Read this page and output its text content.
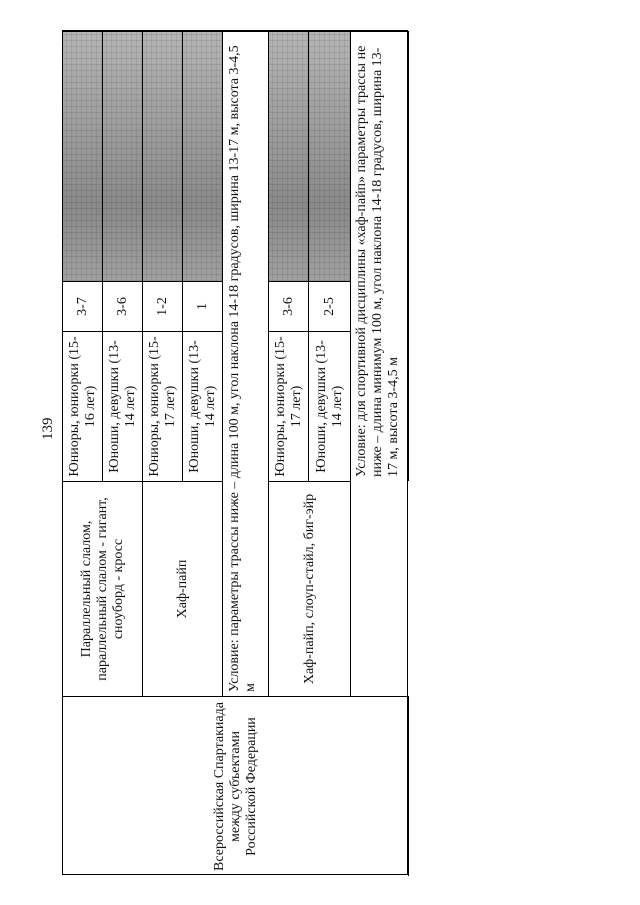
139
Всероссийская Спартакиада между субъектами Российской Федерации
Параллельный слалом, параллельный слалом - гигант, сноуборд - кросс
Юниоры, юниорки (15-16 лет)
3-7
Юноши, девушки (13-14 лет)
3-6
Хаф-пайп
Юниоры, юниорки (15-17 лет)
1-2
Юноши, девушки (13-14 лет)
1	Условие: параметры трассы ниже – длина 100 м, угол наклона 14-18 градусов, ширина 13-17 м, высота 3-4,5 м
Хаф-пайп, слоуп-стайл, биг-эйр
Юниоры, юниорки (15-17 лет)
3-6
Юноши, девушки (13-14 лет)
2-5	Условие: для спортивной дисциплины «хаф-пайп» параметры трассы не ниже – длина минимум 100 м, угол наклона 14-18 градусов, ширина 13-17 м, высота 3-4,5 м
